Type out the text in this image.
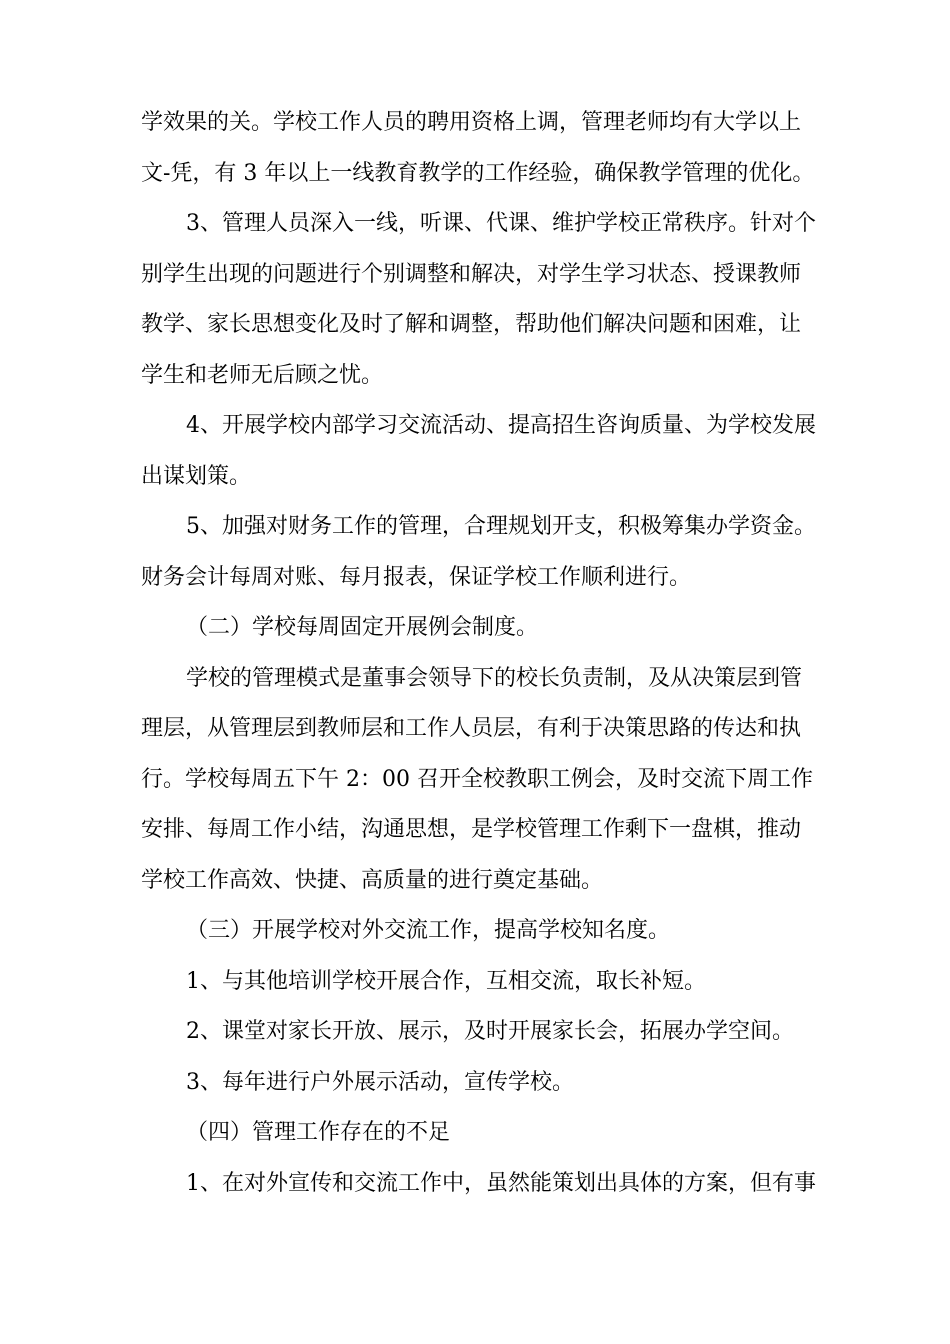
学效果的关。学校工作人员的聘用资格上调，管理老师均有大学以上

文-凭，有 3 年以上一线教育教学的工作经验，确保教学管理的优化。

3、管理人员深入一线，听课、代课、维护学校正常秩序。针对个

别学生出现的问题进行个别调整和解决，对学生学习状态、授课教师

教学、家长思想变化及时了解和调整，帮助他们解决问题和困难，让

学生和老师无后顾之忧。

4、开展学校内部学习交流活动、提高招生咨询质量、为学校发展

出谋划策。

5、加强对财务工作的管理，合理规划开支，积极筹集办学资金。

财务会计每周对账、每月报表，保证学校工作顺利进行。

（二）学校每周固定开展例会制度。

学校的管理模式是董事会领导下的校长负责制，及从决策层到管

理层，从管理层到教师层和工作人员层，有利于决策思路的传达和执

行。学校每周五下午 2：00 召开全校教职工例会，及时交流下周工作

安排、每周工作小结，沟通思想，是学校管理工作剩下一盘棋，推动

学校工作高效、快捷、高质量的进行奠定基础。

（三）开展学校对外交流工作，提高学校知名度。

1、与其他培训学校开展合作，互相交流，取长补短。

2、课堂对家长开放、展示，及时开展家长会，拓展办学空间。

3、每年进行户外展示活动，宣传学校。

（四）管理工作存在的不足

1、在对外宣传和交流工作中，虽然能策划出具体的方案，但有事
